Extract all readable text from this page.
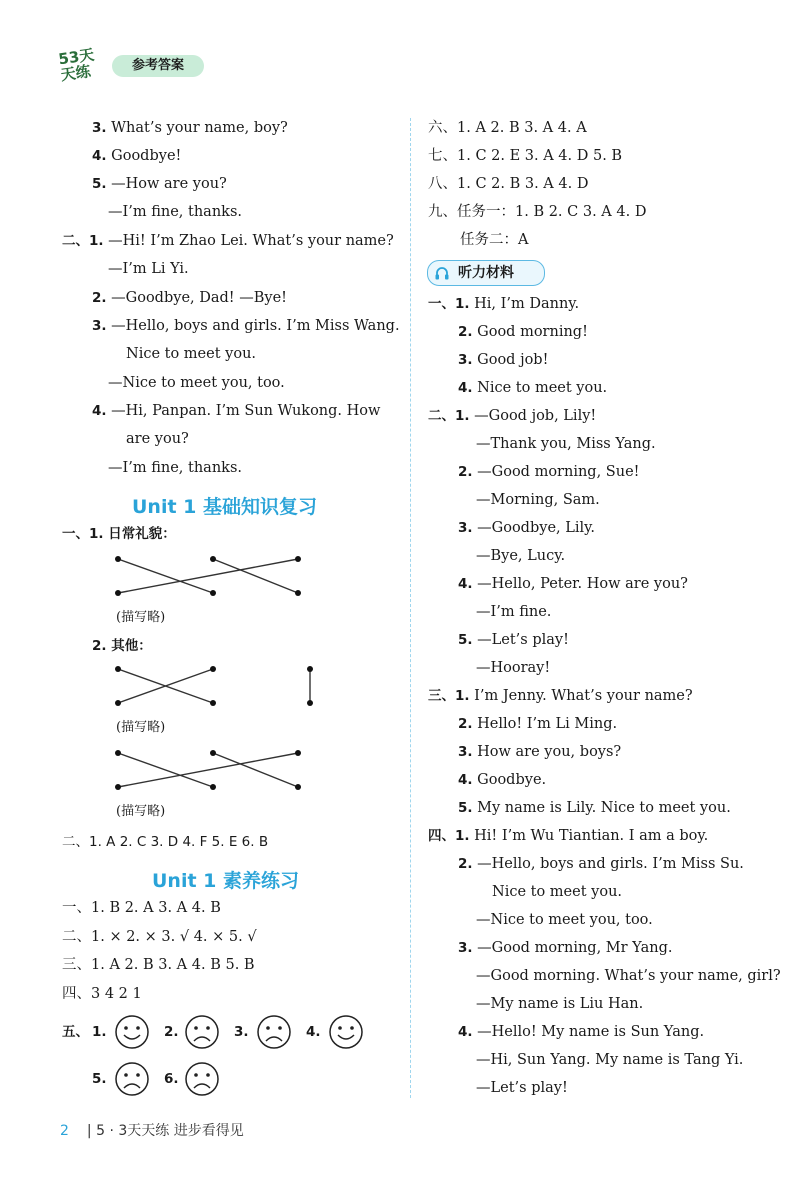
53天天练	参考答案
3. What’s your name, boy?
4. Goodbye!
5. —How are you?
—I’m fine, thanks.
二、1. —Hi! I’m Zhao Lei. What’s your name?
—I’m Li Yi.
2. —Goodbye, Dad! —Bye!
3. —Hello, boys and girls. I’m Miss Wang.
Nice to meet you.
—Nice to meet you, too.
4. —Hi, Panpan. I’m Sun Wukong. How
are you?
—I’m fine, thanks.
Unit 1 基础知识复习
一、1. 日常礼貌：
(描写略)
2. 其他：
(描写略)
(描写略)
二、1. A 2. C 3. D 4. F 5. E 6. B
Unit 1 素养练习
一、1. B 2. A 3. A 4. B
二、1. × 2. × 3. √ 4. × 5. √
三、1. A 2. B 3. A 4. B 5. B
四、3 4 2 1
五、 1.	2.	3.	4.
5.	6.
六、1. A 2. B 3. A 4. A
七、1. C 2. E 3. A 4. D 5. B
八、1. C 2. B 3. A 4. D
九、任务一：1. B 2. C 3. A 4. D
任务二：A
听力材料
一、1. Hi, I’m Danny.
2. Good morning!
3. Good job!
4. Nice to meet you.
二、1. —Good job, Lily!
—Thank you, Miss Yang.
2. —Good morning, Sue!
—Morning, Sam.
3. —Goodbye, Lily.
—Bye, Lucy.
4. —Hello, Peter. How are you?
—I’m fine.
5. —Let’s play!
—Hooray!
三、1. I’m Jenny. What’s your name?
2. Hello! I’m Li Ming.
3. How are you, boys?
4. Goodbye.
5. My name is Lily. Nice to meet you.
四、1. Hi! I’m Wu Tiantian. I am a boy.
2. —Hello, boys and girls. I’m Miss Su.
Nice to meet you.
—Nice to meet you, too.
3. —Good morning, Mr Yang.
—Good morning. What’s your name, girl?
—My name is Liu Han.
4. —Hello! My name is Sun Yang.
—Hi, Sun Yang. My name is Tang Yi.
—Let’s play!
2 | 5 · 3天天练 进步看得见
